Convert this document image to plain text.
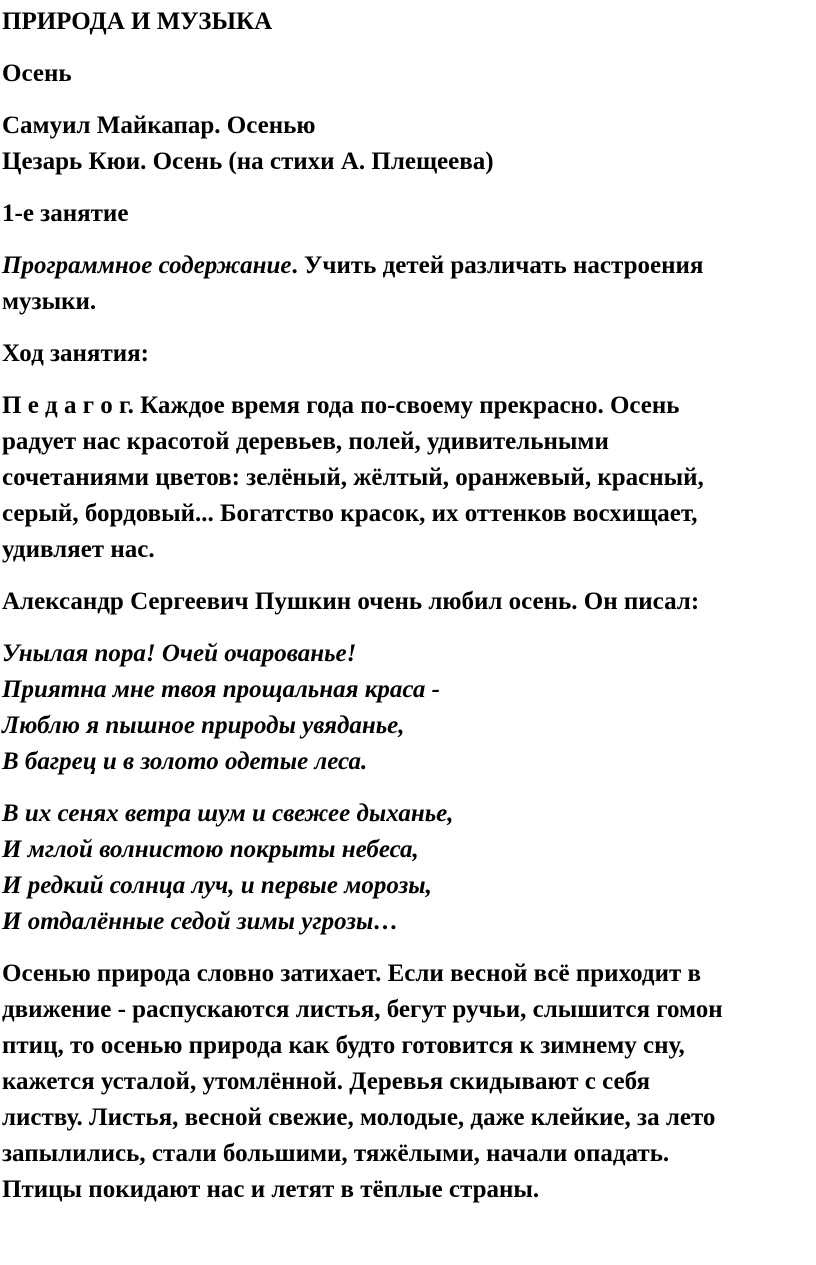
ПРИРОДА И МУЗЫКА

Осень

Самуил Майкапар. Осенью
Цезарь Кюи. Осень (на стихи А. Плещеева)

1-е занятие

Программное содержание. Учить детей различать настроения
музыки.

Ход занятия:

П е д а г о г. Каждое время года по-своему прекрасно. Осень
радует нас красотой деревьев, полей, удивительными
сочетаниями цветов: зелёный, жёлтый, оранжевый, красный,
серый, бордовый... Богатство красок, их оттенков восхищает,
удивляет нас.

Александр Сергеевич Пушкин очень любил осень. Он писал:

Унылая пора! Очей очарованье!
Приятна мне твоя прощальная краса -
Люблю я пышное природы увяданье,
В багрец и в золото одетые леса.

В их сенях ветра шум и свежее дыханье,
И мглой волнистою покрыты небеса,
И редкий солнца луч, и первые морозы,
И отдалённые седой зимы угрозы…

Осенью природа словно затихает. Если весной всё приходит в
движение - распускаются листья, бегут ручьи, слышится гомон
птиц, то осенью природа как будто готовится к зимнему сну,
кажется усталой, утомлённой. Деревья скидывают с себя
листву. Листья, весной свежие, молодые, даже клейкие, за лето
запылились, стали большими, тяжёлыми, начали опадать.
Птицы покидают нас и летят в тёплые страны.
